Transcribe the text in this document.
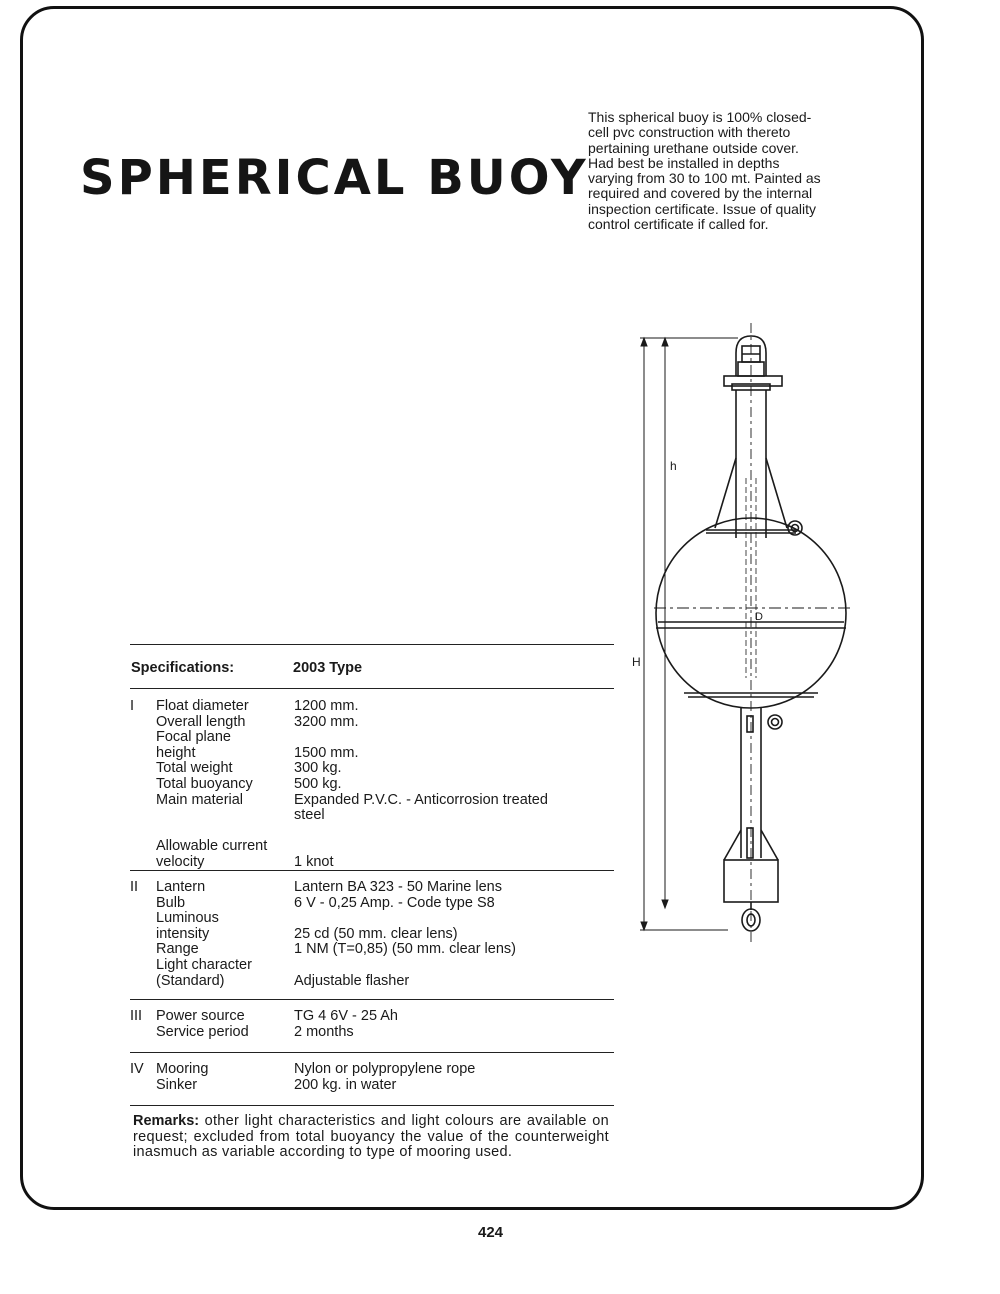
SPHERICAL BUOY

This spherical buoy is 100% closed-cell pvc construction with thereto pertaining urethane outside cover. Had best be installed in depths varying from 30 to 100 mt. Painted as required and covered by the internal inspection certificate. Issue of quality control certificate if called for.

Specifications:	2003 Type
I Float diameter	1200 mm.
Overall length	3200 mm.
Focal plane
height	1500 mm.
Total weight	300 kg.
Total buoyancy	500 kg.
Main material	Expanded P.V.C. - Anticorrosion treated
steel
Allowable current
velocity	1 knot
II Lantern	Lantern BA 323 - 50 Marine lens
Bulb	6 V - 0,25 Amp. - Code type S8
Luminous
intensity	25 cd (50 mm. clear lens)
Range	1 NM (T=0,85) (50 mm. clear lens)
Light character
(Standard)	Adjustable flasher
III Power source	TG 4 6V - 25 Ah
Service period	2 months
IV Mooring	Nylon or polypropylene rope
Sinker	200 kg. in water

Remarks: other light characteristics and light colours are available on request; excluded from total buoyancy the value of the counterweight inasmuch as variable according to type of mooring used.

424
h
H
D
